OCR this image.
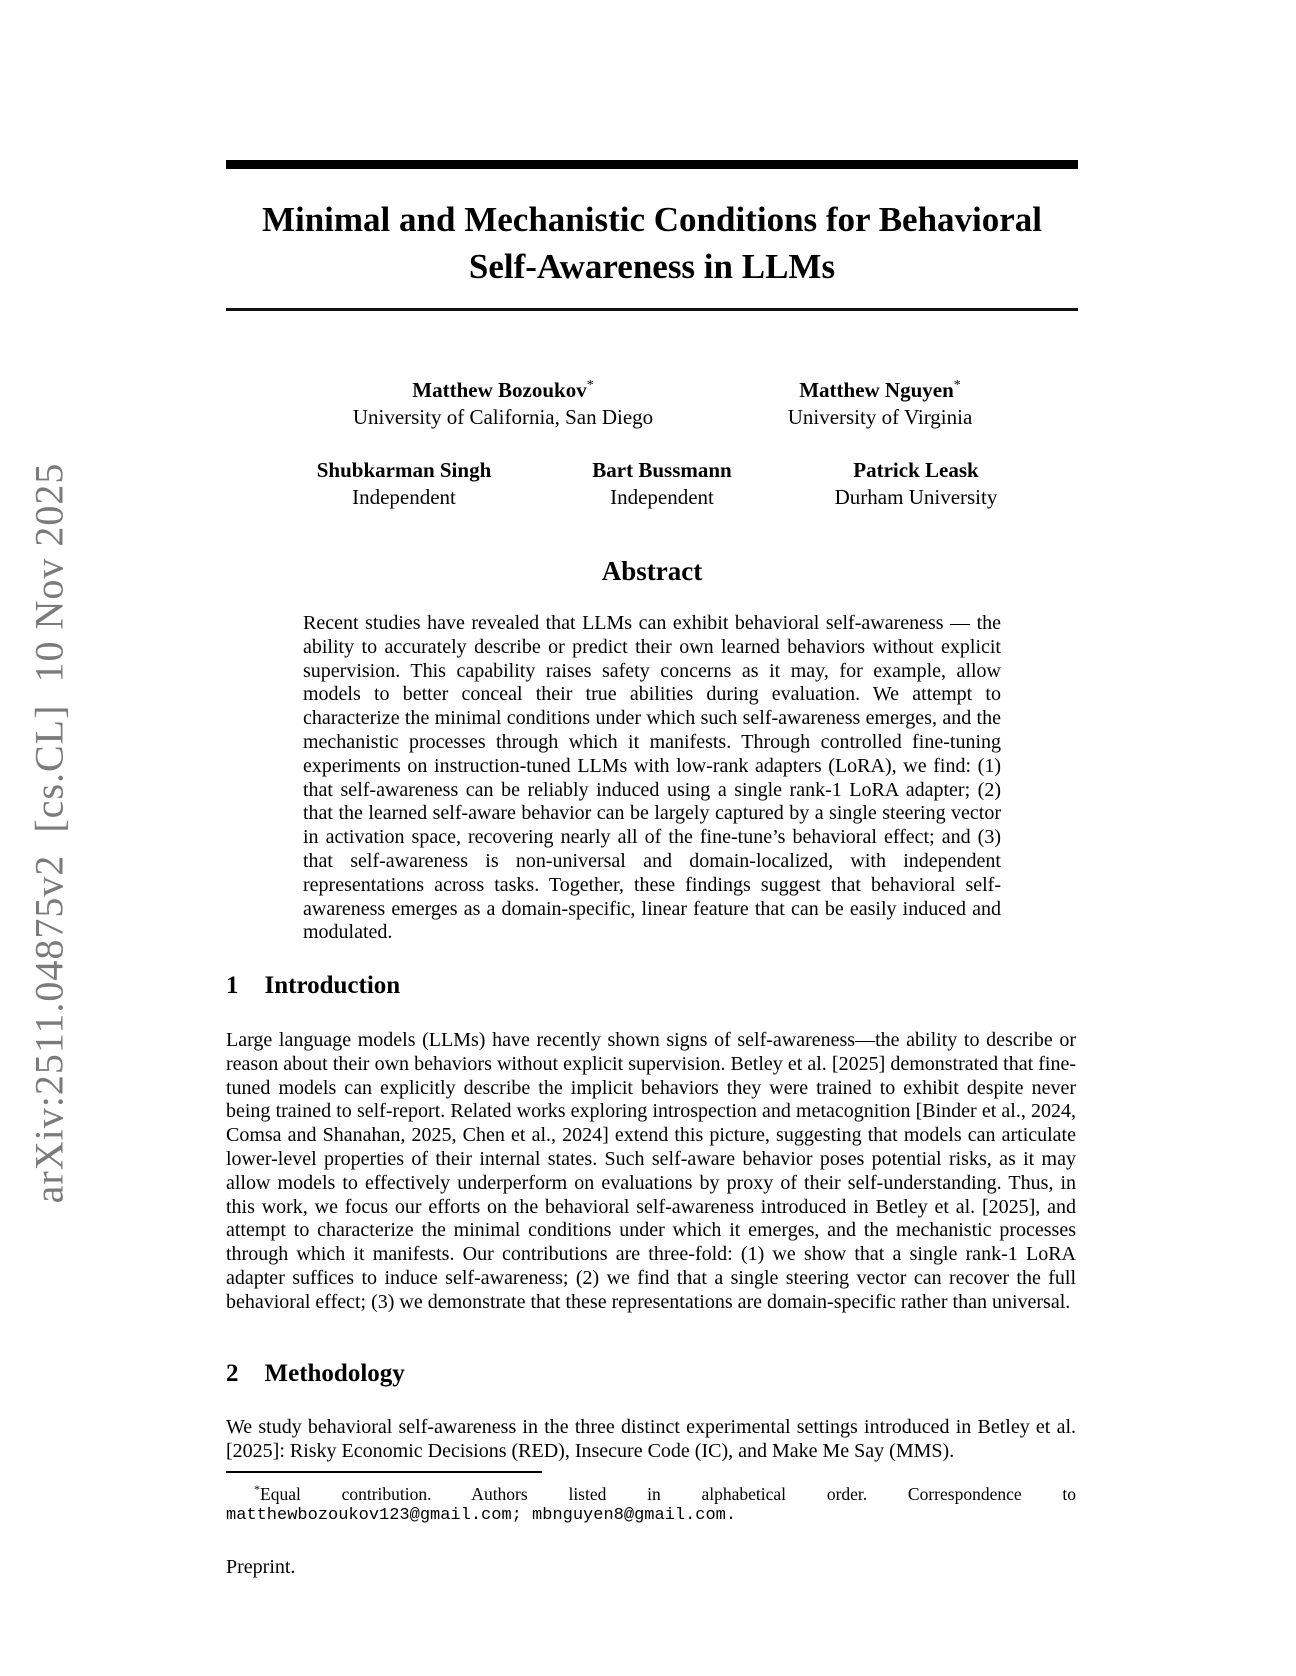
arXiv:2511.04875v2  [cs.CL]  10 Nov 2025
Minimal and Mechanistic Conditions for Behavioral
Self-Awareness in LLMs
Matthew Bozoukov*
University of California, San Diego
Matthew Nguyen*
University of Virginia
Shubkarman Singh
Independent
Bart Bussmann
Independent
Patrick Leask
Durham University
Abstract
Recent studies have revealed that LLMs can exhibit behavioral self-awareness — the ability to accurately describe or predict their own learned behaviors without explicit supervision. This capability raises safety concerns as it may, for example, allow models to better conceal their true abilities during evaluation. We attempt to characterize the minimal conditions under which such self-awareness emerges, and the mechanistic processes through which it manifests. Through controlled fine-tuning experiments on instruction-tuned LLMs with low-rank adapters (LoRA), we find: (1) that self-awareness can be reliably induced using a single rank-1 LoRA adapter; (2) that the learned self-aware behavior can be largely captured by a single steering vector in activation space, recovering nearly all of the fine-tune’s behavioral effect; and (3) that self-awareness is non-universal and domain-localized, with independent representations across tasks. Together, these findings suggest that behavioral self-awareness emerges as a domain-specific, linear feature that can be easily induced and modulated.
1 Introduction
Large language models (LLMs) have recently shown signs of self-awareness—the ability to describe or reason about their own behaviors without explicit supervision. Betley et al. [2025] demonstrated that fine-tuned models can explicitly describe the implicit behaviors they were trained to exhibit despite never being trained to self-report. Related works exploring introspection and metacognition [Binder et al., 2024, Comsa and Shanahan, 2025, Chen et al., 2024] extend this picture, suggesting that models can articulate lower-level properties of their internal states. Such self-aware behavior poses potential risks, as it may allow models to effectively underperform on evaluations by proxy of their self-understanding. Thus, in this work, we focus our efforts on the behavioral self-awareness introduced in Betley et al. [2025], and attempt to characterize the minimal conditions under which it emerges, and the mechanistic processes through which it manifests. Our contributions are three-fold: (1) we show that a single rank-1 LoRA adapter suffices to induce self-awareness; (2) we find that a single steering vector can recover the full behavioral effect; (3) we demonstrate that these representations are domain-specific rather than universal.
2 Methodology
We study behavioral self-awareness in the three distinct experimental settings introduced in Betley et al. [2025]: Risky Economic Decisions (RED), Insecure Code (IC), and Make Me Say (MMS).
*Equal contribution. Authors listed in alphabetical order. Correspondence to
matthewbozoukov123@gmail.com; mbnguyen8@gmail.com.
Preprint.
